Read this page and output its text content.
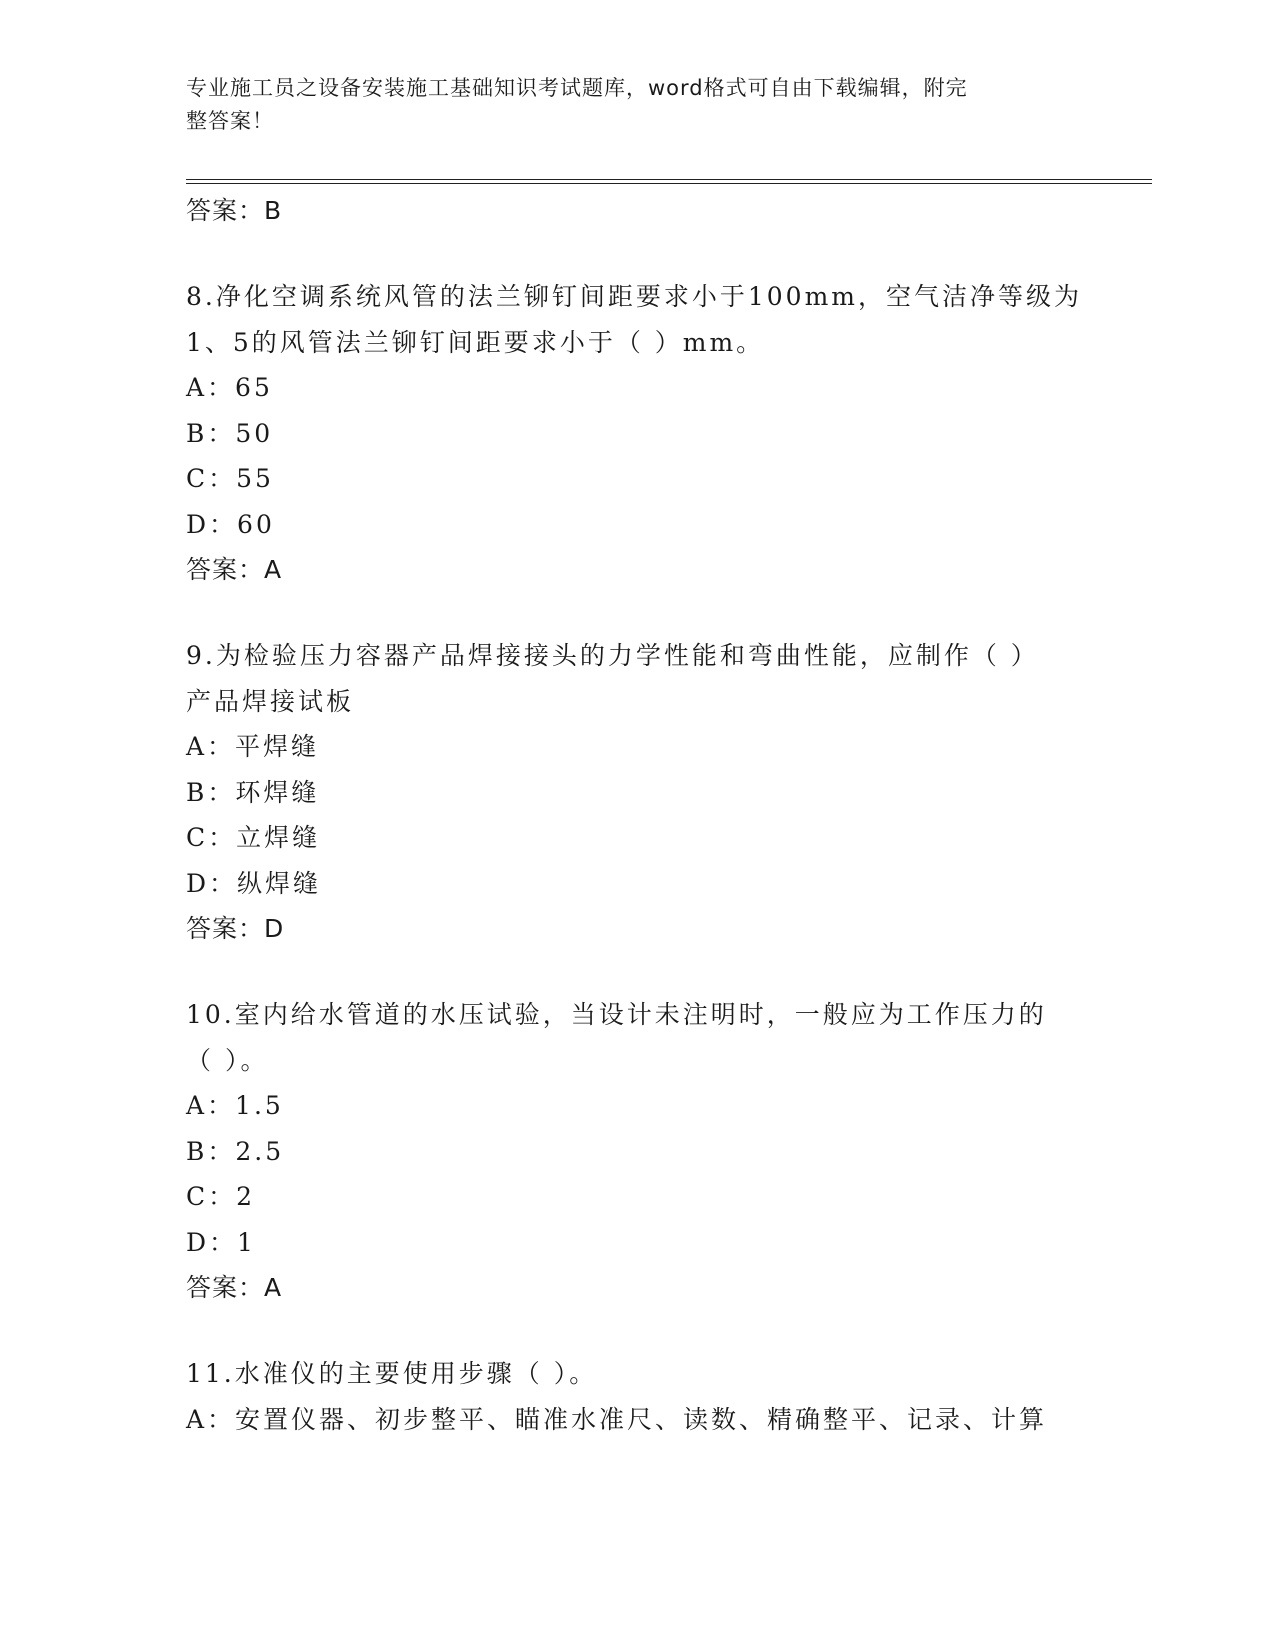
专业施工员之设备安装施工基础知识考试题库，word格式可自由下载编辑，附完
整答案！
答案：B
8.净化空调系统风管的法兰铆钉间距要求小于100mm，空气洁净等级为
1、5的风管法兰铆钉间距要求小于（ ）mm。
A：65
B：50
C：55
D：60
答案：A
9.为检验压力容器产品焊接接头的力学性能和弯曲性能，应制作（ ）
产品焊接试板
A：平焊缝
B：环焊缝
C：立焊缝
D：纵焊缝
答案：D
10.室内给水管道的水压试验，当设计未注明时，一般应为工作压力的
（ ）。
A：1.5
B：2.5
C：2
D：1
答案：A
11.水准仪的主要使用步骤（ ）。
A：安置仪器、初步整平、瞄准水准尺、读数、精确整平、记录、计算
